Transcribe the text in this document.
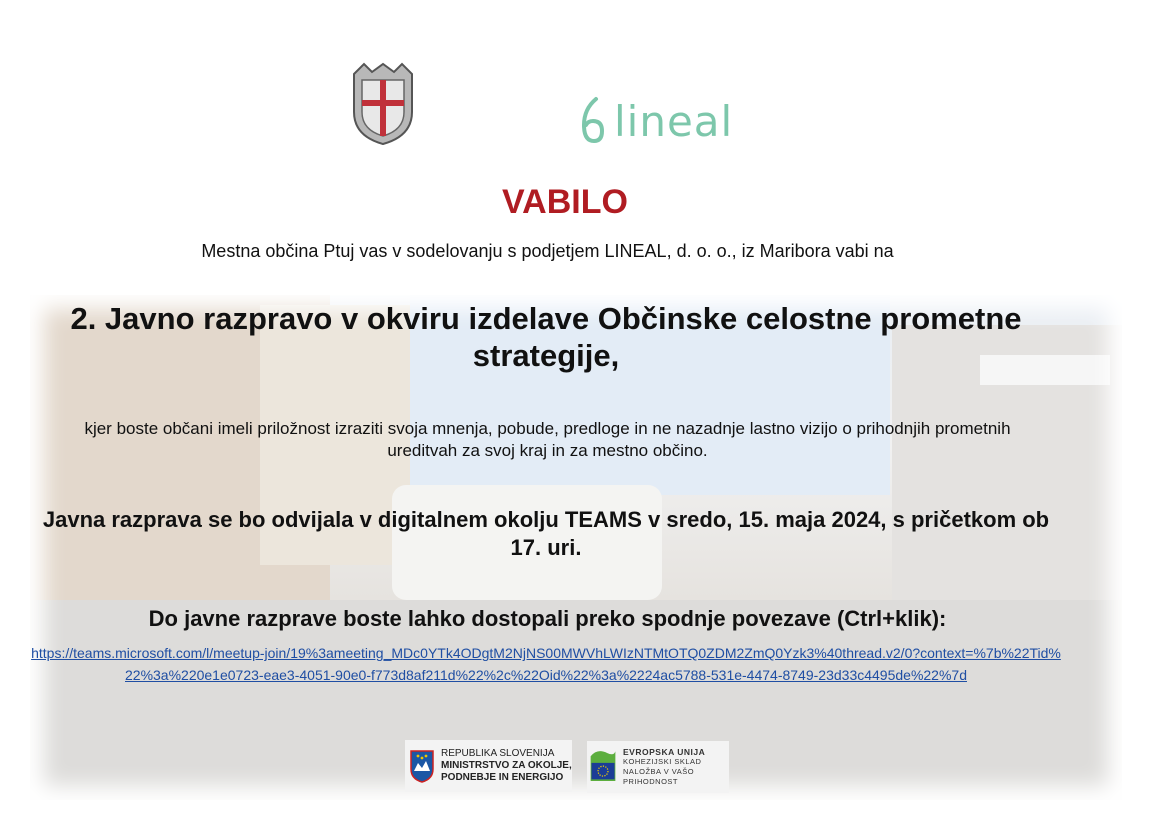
lineal
VABILO
Mestna občina Ptuj vas v sodelovanju s podjetjem LINEAL, d. o. o., iz Maribora vabi na
2. Javno razpravo v okviru izdelave Občinske celostne prometne strategije,
kjer boste občani imeli priložnost izraziti svoja mnenja, pobude, predloge in ne nazadnje lastno vizijo o prihodnjih prometnih ureditvah za svoj kraj in za mestno občino.
Javna razprava se bo odvijala v digitalnem okolju TEAMS v sredo, 15. maja 2024, s pričetkom ob 17. uri.
Do javne razprave boste lahko dostopali preko spodnje povezave (Ctrl+klik):
https://teams.microsoft.com/l/meetup-join/19%3ameeting_MDc0YTk4ODgtM2NjNS00MWVhLWIzNTMtOTQ0ZDM2ZmQ0Yzk3%40thread.v2/0?context=%7b%22Tid%22%3a%220e1e0723-eae3-4051-90e0-f773d8af211d%22%2c%22Oid%22%3a%2224ac5788-531e-4474-8749-23d33c4495de%22%7d
REPUBLIKA SLOVENIJA
MINISTRSTVO ZA OKOLJE,
PODNEBJE IN ENERGIJO
EVROPSKA UNIJA
KOHEZIJSKI SKLAD
NALOŽBA V VAŠO PRIHODNOST
